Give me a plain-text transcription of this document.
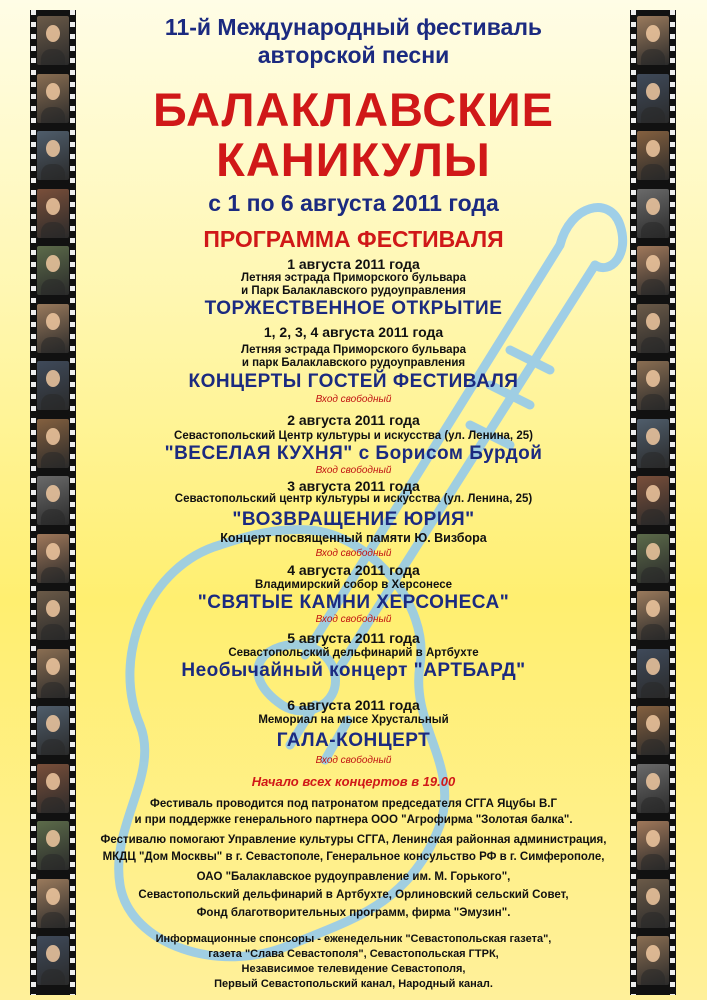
11-й Международный фестиваль
авторской песни
БАЛАКЛАВСКИЕ
КАНИКУЛЫ
с 1 по 6 августа 2011 года
ПРОГРАММА ФЕСТИВАЛЯ
1 августа 2011 года
Летняя эстрада Приморского бульвара
и Парк Балаклавского рудоуправления
ТОРЖЕСТВЕННОЕ ОТКРЫТИЕ
1, 2, 3, 4 августа 2011 года
Летняя эстрада Приморского бульвара
и парк Балаклавского рудоуправления
КОНЦЕРТЫ ГОСТЕЙ ФЕСТИВАЛЯ
Вход свободный
2 августа 2011 года
Севастопольский Центр культуры и искусства (ул. Ленина, 25)
"ВЕСЕЛАЯ КУХНЯ" с Борисом Бурдой
Вход свободный
3 августа 2011 года
Севастопольский центр культуры и искусства (ул. Ленина, 25)
"ВОЗВРАЩЕНИЕ ЮРИЯ"
Концерт посвященный памяти Ю. Визбора
Вход свободный
4 августа 2011 года
Владимирский собор в Херсонесе
"СВЯТЫЕ КАМНИ ХЕРСОНЕСА"
Вход свободный
5 августа 2011 года
Севастопольский дельфинарий в Артбухте
Необычайный концерт "АРТБАРД"
6 августа 2011 года
Мемориал на мысе Хрустальный
ГАЛА-КОНЦЕРТ
Вход свободный
Начало всех концертов в 19.00
Фестиваль проводится под патронатом председателя СГГА Яцубы В.Г
и при поддержке генерального партнера ООО "Агрофирма "Золотая балка".
Фестивалю помогают Управление культуры СГГА, Ленинская районная администрация,
МКДЦ "Дом Москвы" в г. Севастополе, Генеральное консульство РФ в г. Симферополе,
ОАО "Балаклавское рудоуправление им. М. Горького",
Севастопольский дельфинарий в Артбухте, Орлиновский сельский Совет,
Фонд благотворительных программ, фирма "Эмузин".
Информационные спонсоры - еженедельник "Севастопольская газета",
газета "Слава Севастополя", Севастопольская ГТРК,
Независимое телевидение Севастополя,
Первый Севастопольский канал, Народный канал.
